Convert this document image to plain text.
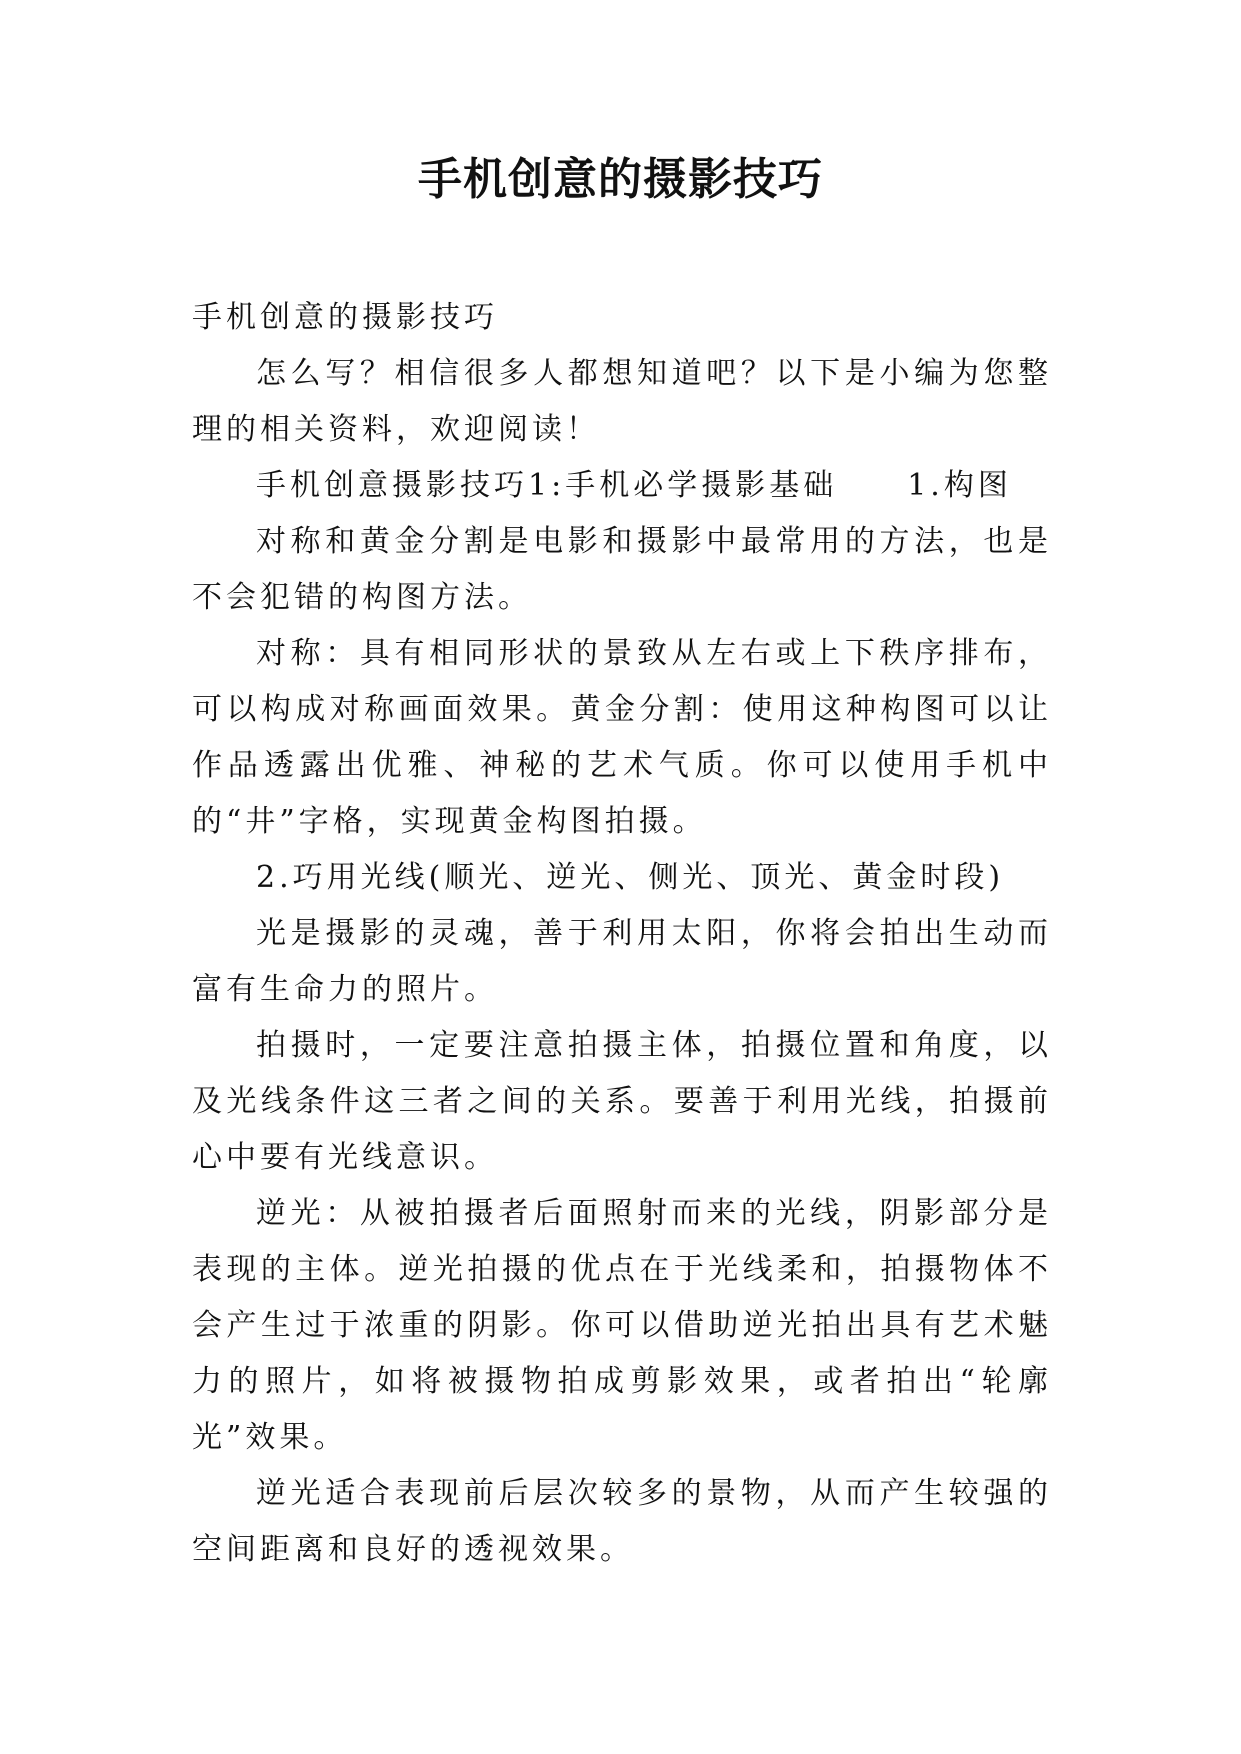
手机创意的摄影技巧

手机创意的摄影技巧

怎么写？相信很多人都想知道吧？以下是小编为您整理的相关资料，欢迎阅读！

手机创意摄影技巧1:手机必学摄影基础 1.构图

对称和黄金分割是电影和摄影中最常用的方法，也是不会犯错的构图方法。

对称：具有相同形状的景致从左右或上下秩序排布，可以构成对称画面效果。黄金分割：使用这种构图可以让作品透露出优雅、神秘的艺术气质。你可以使用手机中的“井”字格，实现黄金构图拍摄。

2.巧用光线(顺光、逆光、侧光、顶光、黄金时段)

光是摄影的灵魂，善于利用太阳，你将会拍出生动而富有生命力的照片。

拍摄时，一定要注意拍摄主体，拍摄位置和角度，以及光线条件这三者之间的关系。要善于利用光线，拍摄前心中要有光线意识。

逆光：从被拍摄者后面照射而来的光线，阴影部分是表现的主体。逆光拍摄的优点在于光线柔和，拍摄物体不会产生过于浓重的阴影。你可以借助逆光拍出具有艺术魅力的照片，如将被摄物拍成剪影效果，或者拍出“轮廓光”效果。

逆光适合表现前后层次较多的景物，从而产生较强的空间距离和良好的透视效果。
